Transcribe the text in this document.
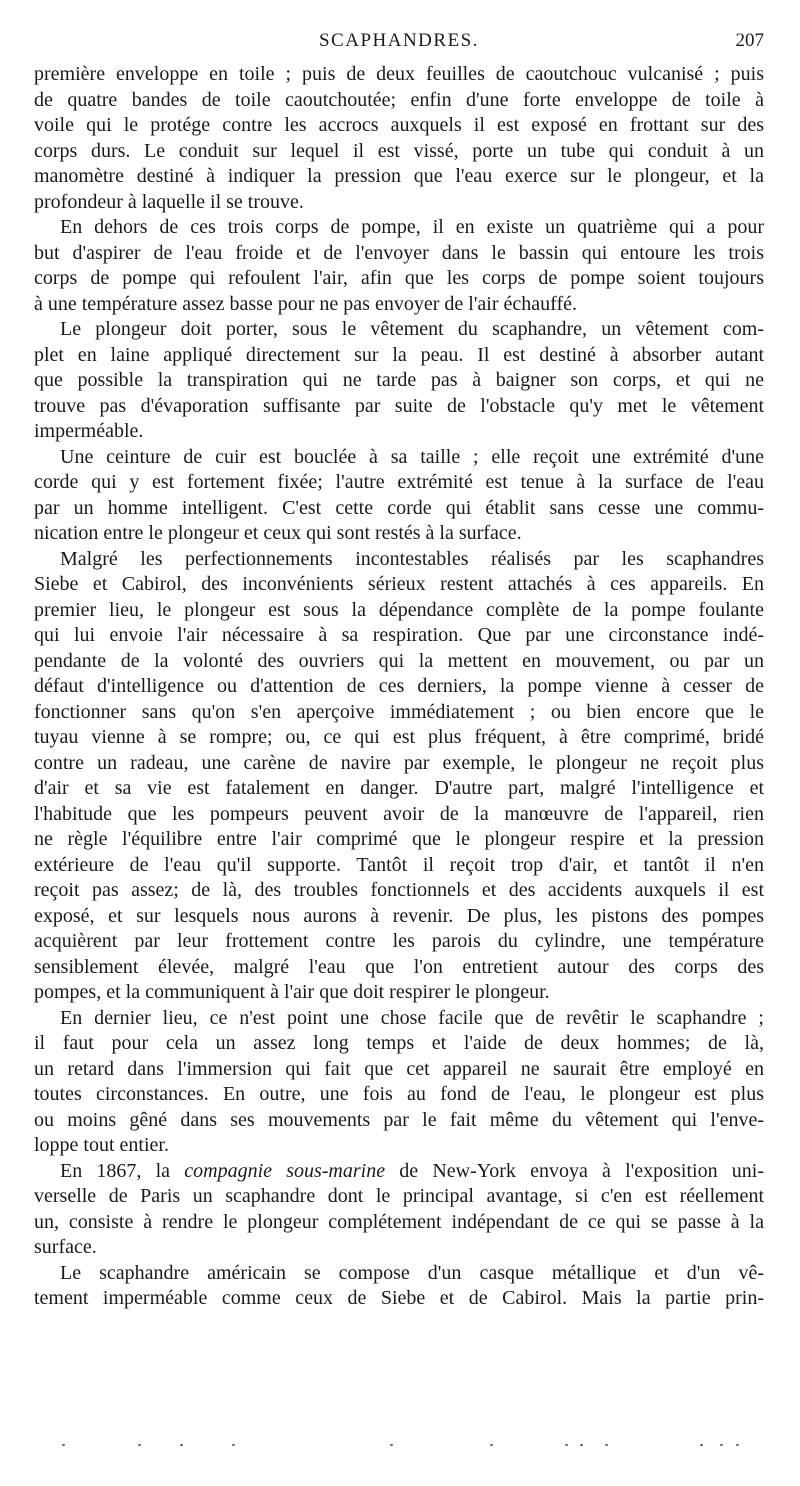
SCAPHANDRES.	207
première enveloppe en toile ; puis de deux feuilles de caoutchouc vulcanisé ; puis
de quatre bandes de toile caoutchoutée; enfin d'une forte enveloppe de toile à
voile qui le protége contre les accrocs auxquels il est exposé en frottant sur des
corps durs. Le conduit sur lequel il est vissé, porte un tube qui conduit à un
manomètre destiné à indiquer la pression que l'eau exerce sur le plongeur, et la
profondeur à laquelle il se trouve.
En dehors de ces trois corps de pompe, il en existe un quatrième qui a pour
but d'aspirer de l'eau froide et de l'envoyer dans le bassin qui entoure les trois
corps de pompe qui refoulent l'air, afin que les corps de pompe soient toujours
à une température assez basse pour ne pas envoyer de l'air échauffé.
Le plongeur doit porter, sous le vêtement du scaphandre, un vêtement com-
plet en laine appliqué directement sur la peau. Il est destiné à absorber autant
que possible la transpiration qui ne tarde pas à baigner son corps, et qui ne
trouve pas d'évaporation suffisante par suite de l'obstacle qu'y met le vêtement
imperméable.
Une ceinture de cuir est bouclée à sa taille ; elle reçoit une extrémité d'une
corde qui y est fortement fixée; l'autre extrémité est tenue à la surface de l'eau
par un homme intelligent. C'est cette corde qui établit sans cesse une commu-
nication entre le plongeur et ceux qui sont restés à la surface.
Malgré les perfectionnements incontestables réalisés par les scaphandres
Siebe et Cabirol, des inconvénients sérieux restent attachés à ces appareils. En
premier lieu, le plongeur est sous la dépendance complète de la pompe foulante
qui lui envoie l'air nécessaire à sa respiration. Que par une circonstance indé-
pendante de la volonté des ouvriers qui la mettent en mouvement, ou par un
défaut d'intelligence ou d'attention de ces derniers, la pompe vienne à cesser de
fonctionner sans qu'on s'en aperçoive immédiatement ; ou bien encore que le
tuyau vienne à se rompre; ou, ce qui est plus fréquent, à être comprimé, bridé
contre un radeau, une carène de navire par exemple, le plongeur ne reçoit plus
d'air et sa vie est fatalement en danger. D'autre part, malgré l'intelligence et
l'habitude que les pompeurs peuvent avoir de la manœuvre de l'appareil, rien
ne règle l'équilibre entre l'air comprimé que le plongeur respire et la pression
extérieure de l'eau qu'il supporte. Tantôt il reçoit trop d'air, et tantôt il n'en
reçoit pas assez; de là, des troubles fonctionnels et des accidents auxquels il est
exposé, et sur lesquels nous aurons à revenir. De plus, les pistons des pompes
acquièrent par leur frottement contre les parois du cylindre, une température
sensiblement élevée, malgré l'eau que l'on entretient autour des corps des
pompes, et la communiquent à l'air que doit respirer le plongeur.
En dernier lieu, ce n'est point une chose facile que de revêtir le scaphandre ;
il faut pour cela un assez long temps et l'aide de deux hommes; de là,
un retard dans l'immersion qui fait que cet appareil ne saurait être employé en
toutes circonstances. En outre, une fois au fond de l'eau, le plongeur est plus
ou moins gêné dans ses mouvements par le fait même du vêtement qui l'enve-
loppe tout entier.
En 1867, la compagnie sous-marine de New-York envoya à l'exposition uni-
verselle de Paris un scaphandre dont le principal avantage, si c'en est réellement
un, consiste à rendre le plongeur complétement indépendant de ce qui se passe à la
surface.
Le scaphandre américain se compose d'un casque métallique et d'un vê-
tement imperméable comme ceux de Siebe et de Cabirol. Mais la partie prin-
